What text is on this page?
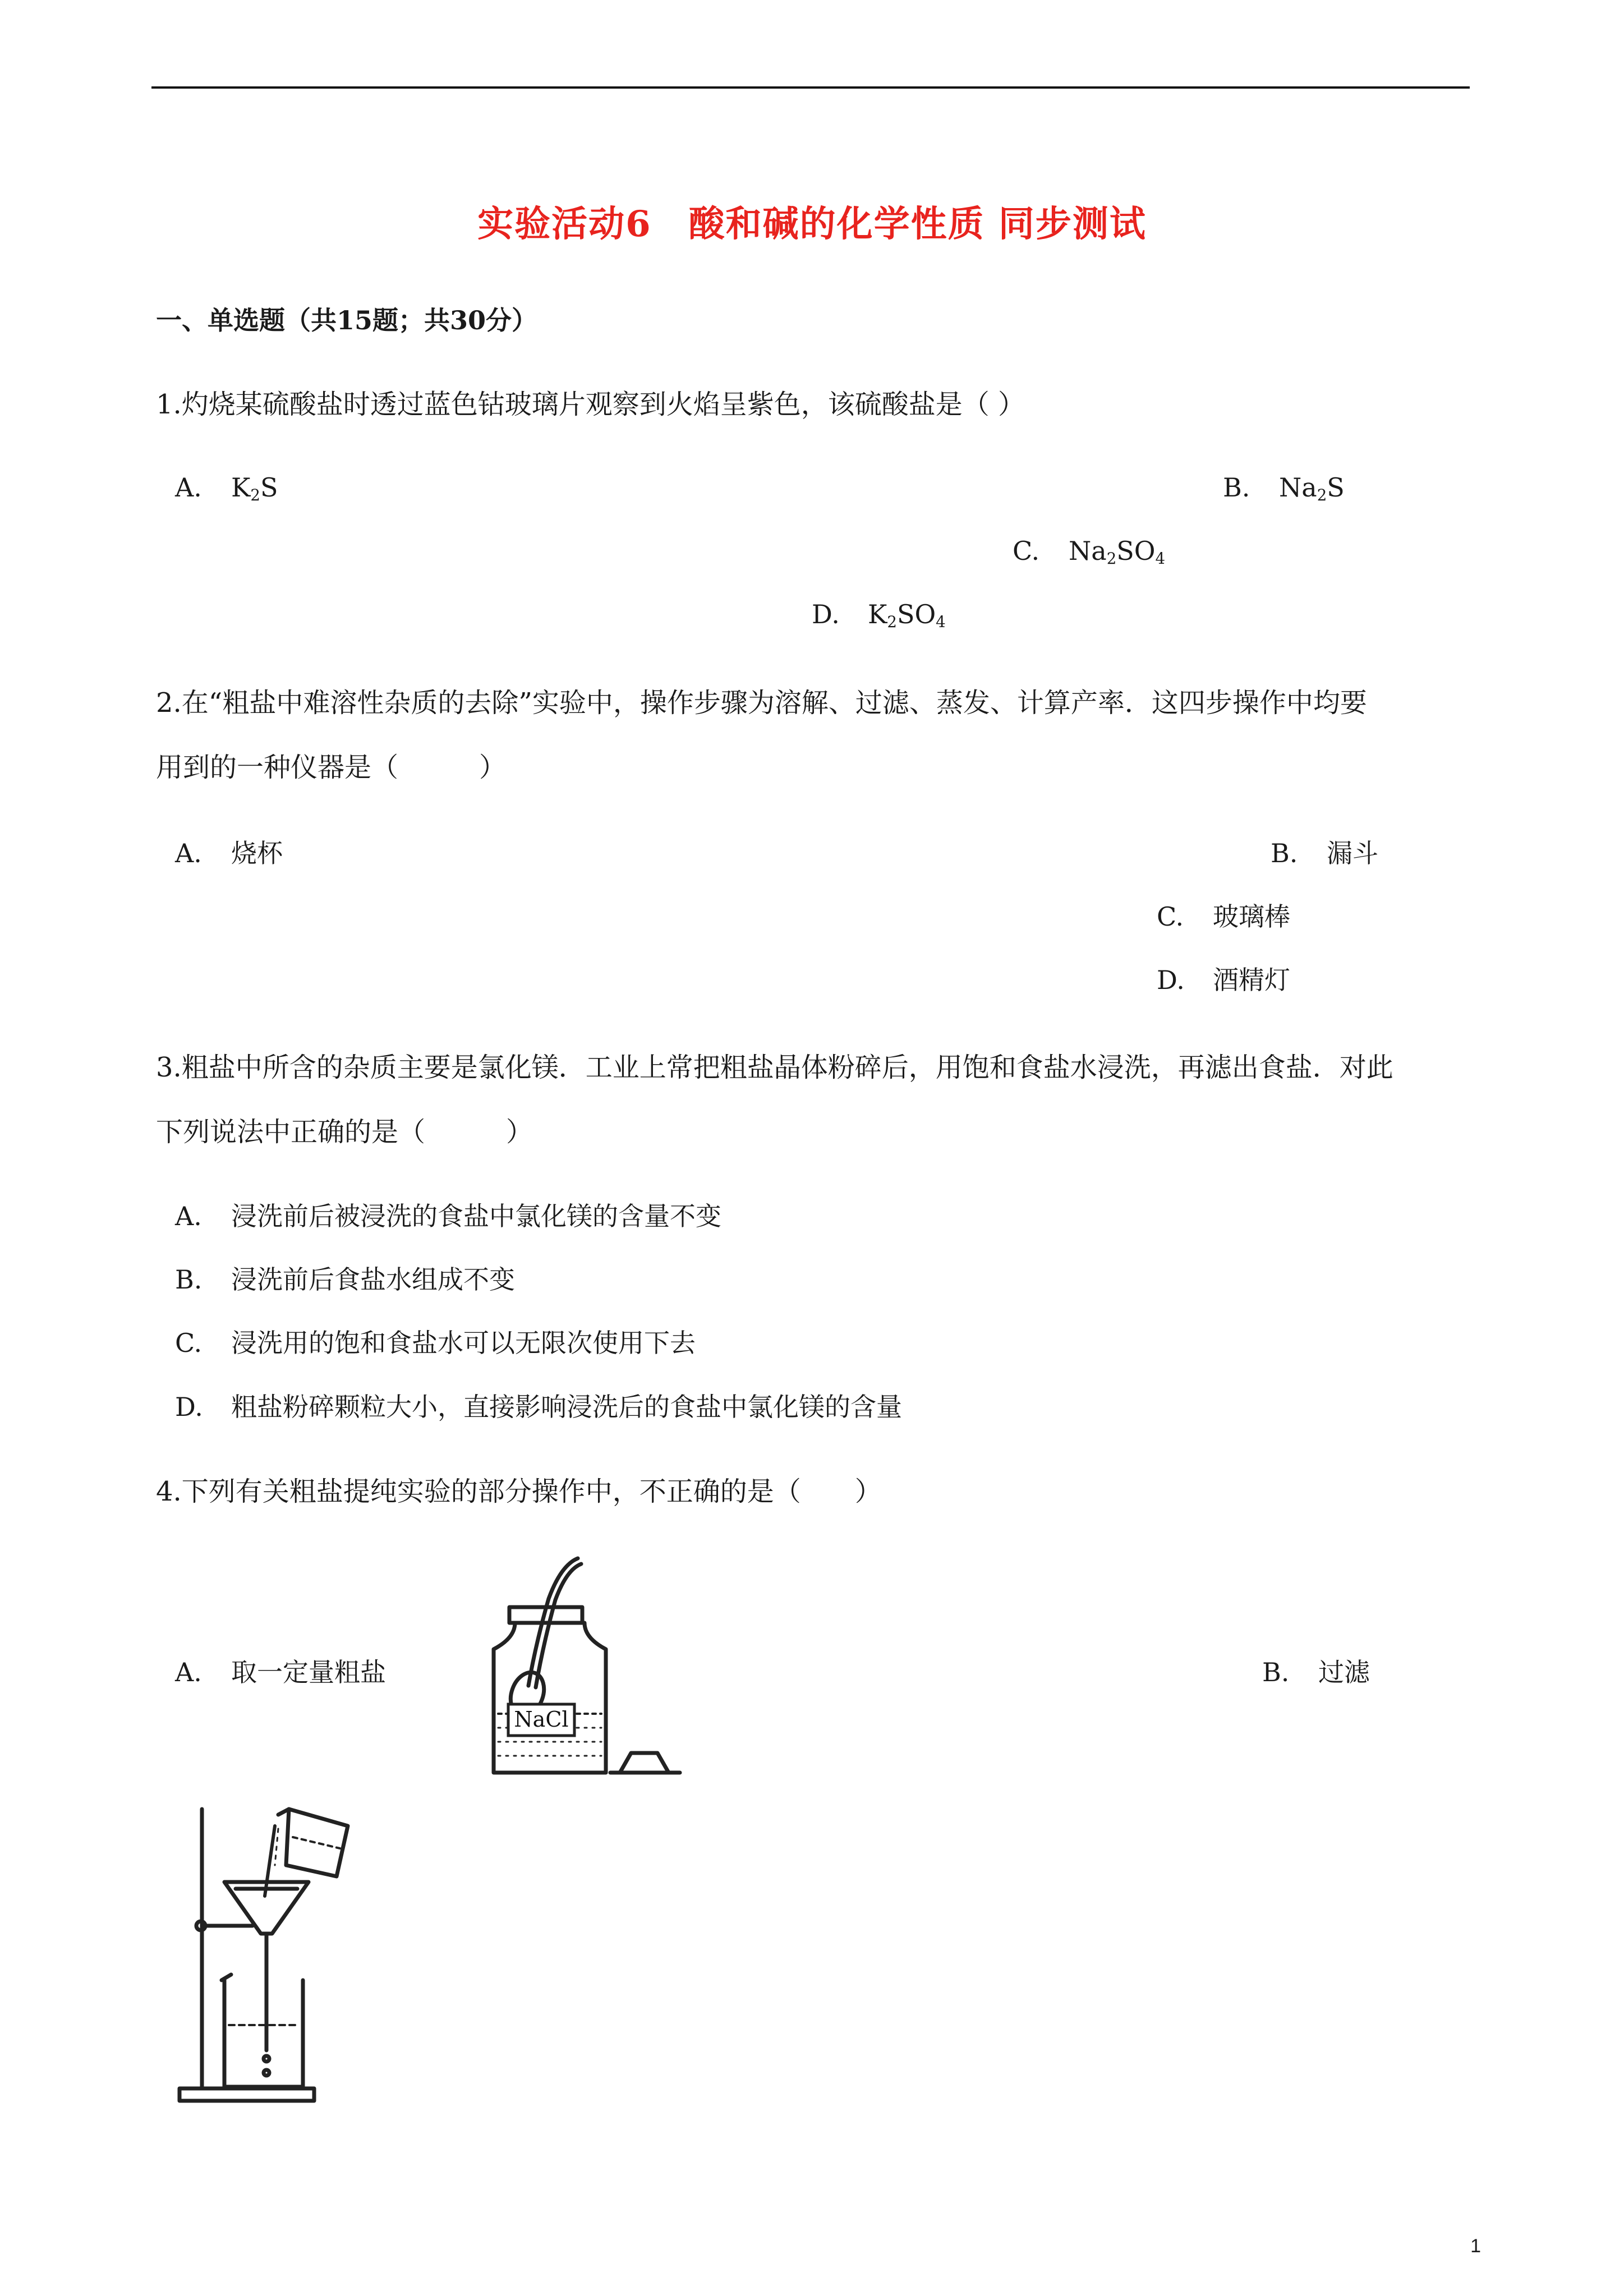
实验活动6　酸和碱的化学性质 同步测试
一、单选题（共15题；共30分）
1.灼烧某硫酸盐时透过蓝色钴玻璃片观察到火焰呈紫色，该硫酸盐是（ ）
A. $K_2S$	B. $Na_2S$
C. $Na_2SO_4$
D. $K_2SO_4$
2.在“粗盐中难溶性杂质的去除”实验中，操作步骤为溶解、过滤、蒸发、计算产率．这四步操作中均要
用到的一种仪器是（　　　）
A. 烧杯	B. 漏斗
C. 玻璃棒
D. 酒精灯
3.粗盐中所含的杂质主要是氯化镁．工业上常把粗盐晶体粉碎后，用饱和食盐水浸洗，再滤出食盐．对此
下列说法中正确的是（　　　）
A. 浸洗前后被浸洗的食盐中氯化镁的含量不变
B. 浸洗前后食盐水组成不变
C. 浸洗用的饱和食盐水可以无限次使用下去
D. 粗盐粉碎颗粒大小，直接影响浸洗后的食盐中氯化镁的含量
4.下列有关粗盐提纯实验的部分操作中，不正确的是（　　）
A. 取一定量粗盐	B. 过滤
NaCl
1
